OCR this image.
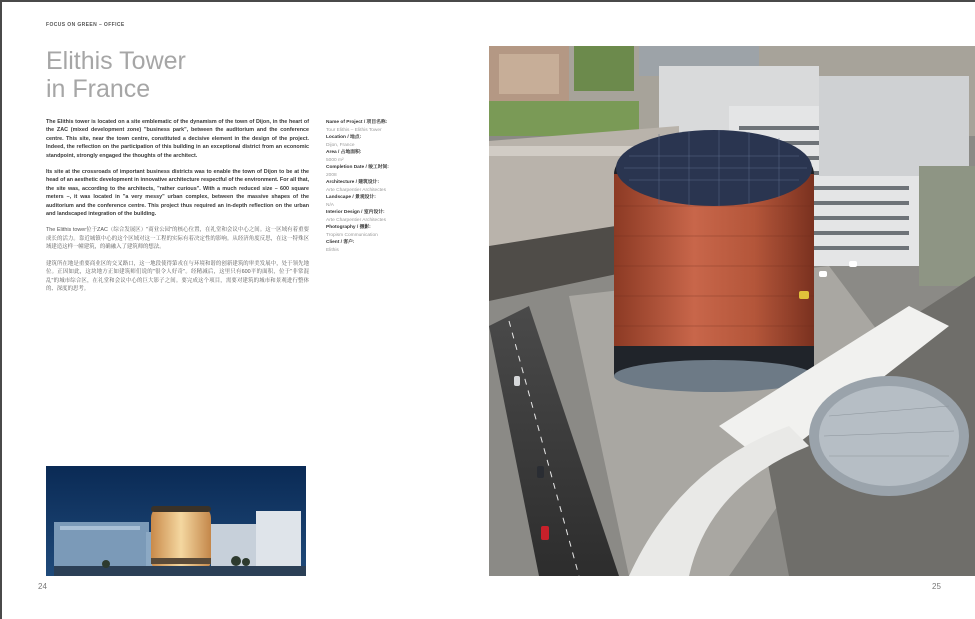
FOCUS ON GREEN – OFFICE
Elithis Tower
in France

The Elithis tower is located on a site emblematic of the dynamism of the town of Dijon, in the heart of the ZAC (mixed development zone) "business park", between the auditorium and the conference centre. This site, near the town centre, constituted a decisive element in the design of the project. Indeed, the reflection on the participation of this building in an exceptional district from an economic standpoint, strongly engaged the thoughts of the architect.

Its site at the crossroads of important business districts was to enable the town of Dijon to be at the head of an aesthetic development in innovative architecture respectful of the environment. For all that, the site was, according to the architects, "rather curious". With a much reduced size – 600 square meters –, it was located in "a very messy" urban complex, between the massive shapes of the auditorium and the conference centre. This project thus required an in-depth reflection on the urban and landscaped integration of the building.

The Elithis tower位于ZAC（综合发展区）"商业公园"的核心位置，在礼堂和会议中心之间。这一区域有着重要成长的活力。靠近城镇中心的这个区域对这一工程的实际有着决定性的影响。从经济角度反思，在这一特殊区域建造这样一幢建筑，的确融入了建筑师的想法。

建筑所在地是重要商业区的交叉路口，这一地段使得第戎在与环境和谐的创新建筑的审美发展中，处于领先地位。正因如此，这块地方正如建筑师们说的"很令人好奇"。经精减后，这里只有600平的面积，位于"非常混乱"的城市综合区，在礼堂和会议中心的巨大影子之间。要完成这个项目，需要对建筑的城市和景观进行整体的、深度的思考。

Name of Project / 项目名称:
Tour Elithis – Elithis Tower
Location / 地点:
Dijon, France
Area / 占地面积:
5000 m²
Completion Date / 竣工时间:
2008
Architecture / 建筑设计:
Arte Charpentier Architectes
Landscape / 景观设计:
N/A
Interior Design / 室内设计:
Arte Charpentier Architectes
Photography / 摄影:
Tropism Communication
Client / 客户:
Elithis
24	25
